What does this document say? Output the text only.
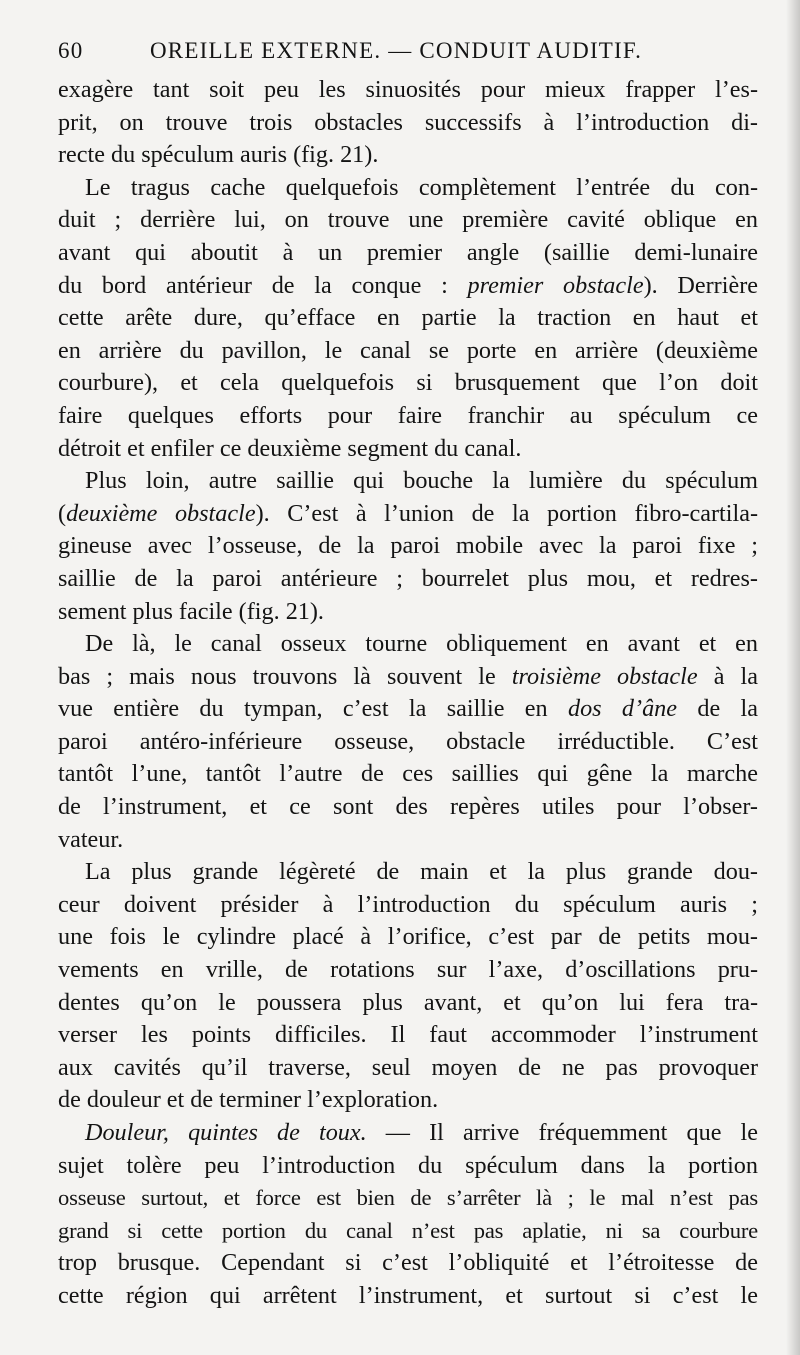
60	OREILLE EXTERNE. — CONDUIT AUDITIF.
exagère tant soit peu les sinuosités pour mieux frapper l’es-
prit, on trouve trois obstacles successifs à l’introduction di-
recte du spéculum auris (fig. 21).
Le tragus cache quelquefois complètement l’entrée du con-
duit ; derrière lui, on trouve une première cavité oblique en
avant qui aboutit à un premier angle (saillie demi-lunaire
du bord antérieur de la conque : premier obstacle). Derrière
cette arête dure, qu’efface en partie la traction en haut et
en arrière du pavillon, le canal se porte en arrière (deuxième
courbure), et cela quelquefois si brusquement que l’on doit
faire quelques efforts pour faire franchir au spéculum ce
détroit et enfiler ce deuxième segment du canal.
Plus loin, autre saillie qui bouche la lumière du spéculum
(deuxième obstacle). C’est à l’union de la portion fibro-cartila-
gineuse avec l’osseuse, de la paroi mobile avec la paroi fixe ;
saillie de la paroi antérieure ; bourrelet plus mou, et redres-
sement plus facile (fig. 21).
De là, le canal osseux tourne obliquement en avant et en
bas ; mais nous trouvons là souvent le troisième obstacle à la
vue entière du tympan, c’est la saillie en dos d’âne de la
paroi antéro-inférieure osseuse, obstacle irréductible. C’est
tantôt l’une, tantôt l’autre de ces saillies qui gêne la marche
de l’instrument, et ce sont des repères utiles pour l’obser-
vateur.
La plus grande légèreté de main et la plus grande dou-
ceur doivent présider à l’introduction du spéculum auris ;
une fois le cylindre placé à l’orifice, c’est par de petits mou-
vements en vrille, de rotations sur l’axe, d’oscillations pru-
dentes qu’on le poussera plus avant, et qu’on lui fera tra-
verser les points difficiles. Il faut accommoder l’instrument
aux cavités qu’il traverse, seul moyen de ne pas provoquer
de douleur et de terminer l’exploration.
Douleur, quintes de toux. — Il arrive fréquemment que le
sujet tolère peu l’introduction du spéculum dans la portion
osseuse surtout, et force est bien de s’arrêter là ; le mal n’est pas
grand si cette portion du canal n’est pas aplatie, ni sa courbure
trop brusque. Cependant si c’est l’obliquité et l’étroitesse de
cette région qui arrêtent l’instrument, et surtout si c’est le
